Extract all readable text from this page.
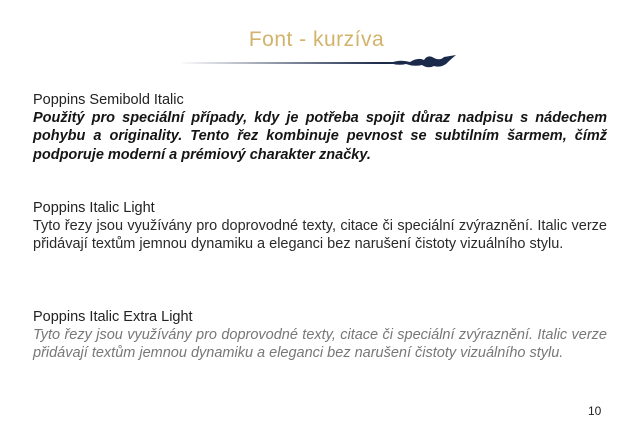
Font - kurzíva
Poppins Semibold Italic
Použitý pro speciální případy, kdy je potřeba spojit důraz nadpisu s nádechem pohybu a originality. Tento řez kombinuje pevnost se subtilním šarmem, čímž podporuje moderní a prémiový charakter značky.
Poppins Italic Light
Tyto řezy jsou využívány pro doprovodné texty, citace či speciální zvýraznění. Italic verze přidávají textům jemnou dynamiku a eleganci bez narušení čistoty vizuálního stylu.
Poppins Italic Extra Light
Tyto řezy jsou využívány pro doprovodné texty, citace či speciální zvýraznění. Italic verze přidávají textům jemnou dynamiku a eleganci bez narušení čistoty vizuálního stylu.
10
